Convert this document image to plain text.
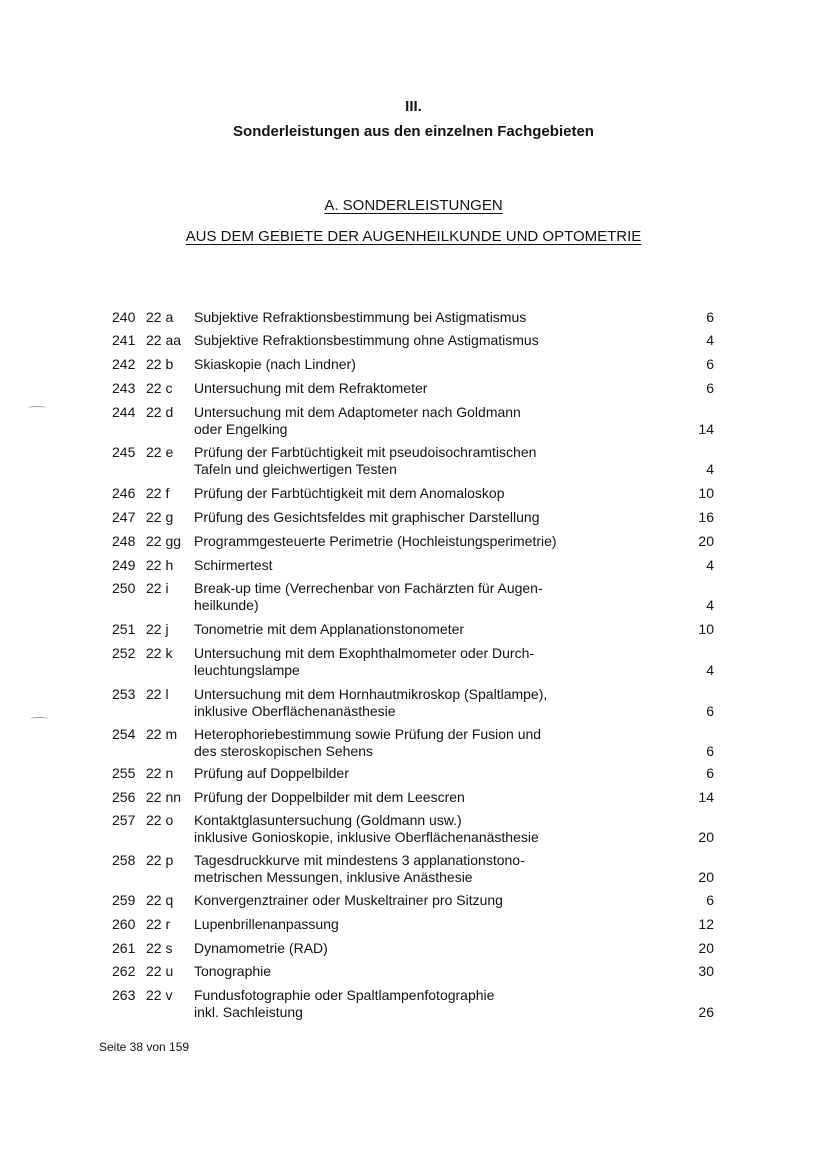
III.
Sonderleistungen aus den einzelnen Fachgebieten
A. SONDERLEISTUNGEN
AUS DEM GEBIETE DER AUGENHEILKUNDE UND OPTOMETRIE
240 22 a	Subjektive Refraktionsbestimmung bei Astigmatismus	6
241 22 aa Subjektive Refraktionsbestimmung ohne Astigmatismus	4
242 22 b	Skiaskopie (nach Lindner)	6
243 22 c	Untersuchung mit dem Refraktometer	6
244 22 d	Untersuchung mit dem Adaptometer nach Goldmann
oder Engelking	14
245 22 e	Prüfung der Farbtüchtigkeit mit pseudoisochramtischen
Tafeln und gleichwertigen Testen	4
246 22 f	Prüfung der Farbtüchtigkeit mit dem Anomaloskop	10
247 22 g	Prüfung des Gesichtsfeldes mit graphischer Darstellung	16
248 22 gg Programmgesteuerte Perimetrie (Hochleistungsperimetrie)	20
249 22 h	Schirmertest	4
250 22 i	Break-up time (Verrechenbar von Fachärzten für Augen-
heilkunde)	4
251 22 j	Tonometrie mit dem Applanationstonometer	10
252 22 k	Untersuchung mit dem Exophthalmometer oder Durch-
leuchtungslampe	4
253 22 l	Untersuchung mit dem Hornhautmikroskop (Spaltlampe),
inklusive Oberflächenanästhesie	6
254 22 m	Heterophoriebestimmung sowie Prüfung der Fusion und
des steroskopischen Sehens	6
255 22 n	Prüfung auf Doppelbilder	6
256 22 nn Prüfung der Doppelbilder mit dem Leescren	14
257 22 o	Kontaktglasuntersuchung (Goldmann usw.)
inklusive Gonioskopie, inklusive Oberflächenanästhesie	20
258 22 p	Tagesdruckkurve mit mindestens 3 applanationstono-
metrischen Messungen, inklusive Anästhesie	20
259 22 q	Konvergenztrainer oder Muskeltrainer pro Sitzung	6
260 22 r	Lupenbrillenanpassung	12
261 22 s	Dynamometrie (RAD)	20
262 22 u	Tonographie	30
263 22 v	Fundusfotographie oder Spaltlampenfotographie
inkl. Sachleistung	26
Seite 38 von 159
